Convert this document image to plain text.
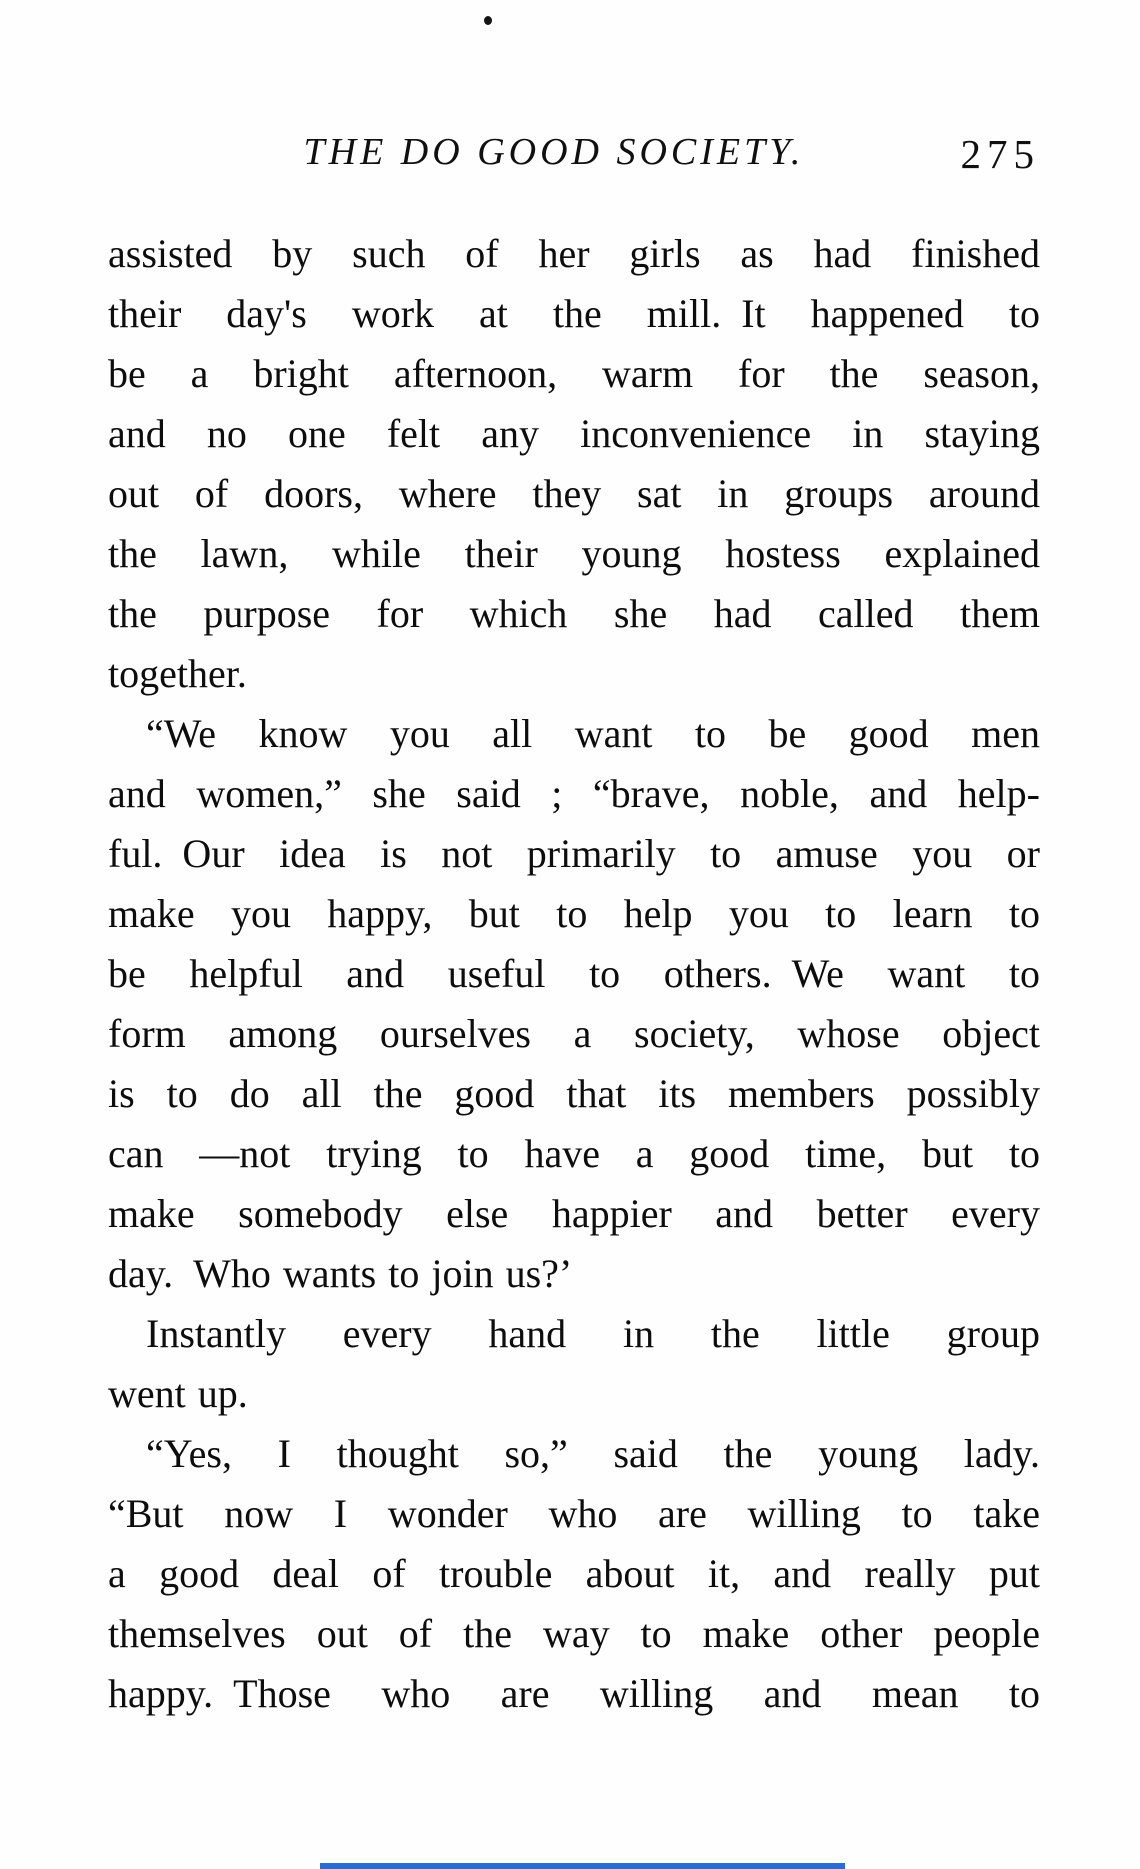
THE DO GOOD SOCIETY.	275
assisted by such of her girls as had finished
their day's work at the mill. It happened to
be a bright afternoon, warm for the season,
and no one felt any inconvenience in staying
out of doors, where they sat in groups around
the lawn, while their young hostess explained
the purpose for which she had called them
together.
“We know you all want to be good men
and women,” she said ; “brave, noble, and help-
ful. Our idea is not primarily to amuse you or
make you happy, but to help you to learn to
be helpful and useful to others. We want to
form among ourselves a society, whose object
is to do all the good that its members possibly
can —not trying to have a good time, but to
make somebody else happier and better every
day. Who wants to join us?’
Instantly every hand in the little group
went up.
“Yes, I thought so,” said the young lady.
“But now I wonder who are willing to take
a good deal of trouble about it, and really put
themselves out of the way to make other people
happy. Those who are willing and mean to
